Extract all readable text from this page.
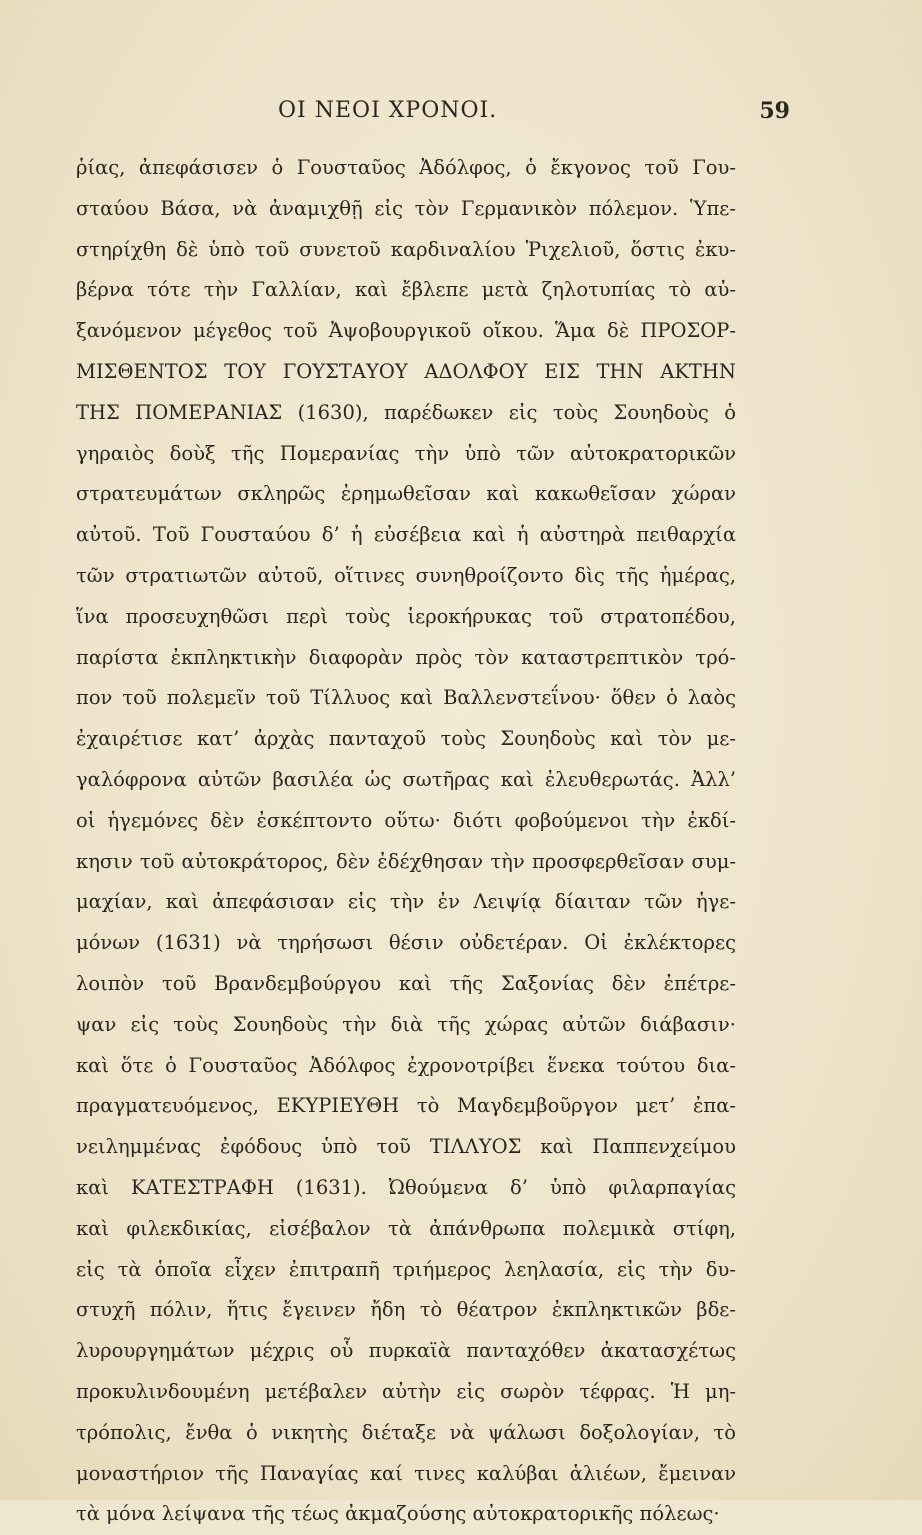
ΟΙ ΝΕΟΙ ΧΡΟΝΟΙ.	59
ῥίας, ἀπεφάσισεν ὁ Γουσταῦος Ἀδόλφος, ὁ ἔκγονος τοῦ Γου-
σταύου Βάσα, νὰ ἀναμιχθῇ εἰς τὸν Γερμανικὸν πόλεμον. Ὑπε-
στηρίχθη δὲ ὑπὸ τοῦ συνετοῦ καρδιναλίου Ῥιχελιοῦ, ὅστις ἐκυ-
βέρνα τότε τὴν Γαλλίαν, καὶ ἔβλεπε μετὰ ζηλοτυπίας τὸ αὐ-
ξανόμενον μέγεθος τοῦ Ἀψοβουργικοῦ οἴκου. Ἅμα δὲ ΠΡΟΣΟΡ-
ΜΙΣΘΕΝΤΟΣ ΤΟΥ ΓΟΥΣΤΑΥΟΥ ΑΔΟΛΦΟΥ ΕΙΣ ΤΗΝ ΑΚΤΗΝ
ΤΗΣ ΠΟΜΕΡΑΝΙΑΣ (1630), παρέδωκεν εἰς τοὺς Σουηδοὺς ὁ
γηραιὸς δοὺξ τῆς Πομερανίας τὴν ὑπὸ τῶν αὐτοκρατορικῶν
στρατευμάτων σκληρῶς ἐρημωθεῖσαν καὶ κακωθεῖσαν χώραν
αὐτοῦ. Τοῦ Γουσταύου δ’ ἡ εὐσέβεια καὶ ἡ αὐστηρὰ πειθαρχία
τῶν στρατιωτῶν αὐτοῦ, οἵτινες συνηθροίζοντο δὶς τῆς ἡμέρας,
ἵνα προσευχηθῶσι περὶ τοὺς ἱεροκήρυκας τοῦ στρατοπέδου,
παρίστα ἐκπληκτικὴν διαφορὰν πρὸς τὸν καταστρεπτικὸν τρό-
πον τοῦ πολεμεῖν τοῦ Τίλλυος καὶ Βαλλενστεΐνου· ὅθεν ὁ λαὸς
ἐχαιρέτισε κατ’ ἀρχὰς πανταχοῦ τοὺς Σουηδοὺς καὶ τὸν με-
γαλόφρονα αὐτῶν βασιλέα ὡς σωτῆρας καὶ ἐλευθερωτάς. Ἀλλ’
οἱ ἡγεμόνες δὲν ἐσκέπτοντο οὕτω· διότι φοβούμενοι τὴν ἐκδί-
κησιν τοῦ αὐτοκράτορος, δὲν ἐδέχθησαν τὴν προσφερθεῖσαν συμ-
μαχίαν, καὶ ἀπεφάσισαν εἰς τὴν ἐν Λειψίᾳ δίαιταν τῶν ἡγε-
μόνων (1631) νὰ τηρήσωσι θέσιν οὐδετέραν. Οἱ ἐκλέκτορες
λοιπὸν τοῦ Βρανδεμβούργου καὶ τῆς Σαξονίας δὲν ἐπέτρε-
ψαν εἰς τοὺς Σουηδοὺς τὴν διὰ τῆς χώρας αὐτῶν διάβασιν·
καὶ ὅτε ὁ Γουσταῦος Ἀδόλφος ἐχρονοτρίβει ἕνεκα τούτου δια-
πραγματευόμενος, ΕΚΥΡΙΕΥΘΗ τὸ Μαγδεμβοῦργον μετ’ ἐπα-
νειλημμένας ἐφόδους ὑπὸ τοῦ ΤΙΛΛΥΟΣ καὶ Παππενχείμου
καὶ ΚΑΤΕΣΤΡΑΦΗ (1631). Ὠθούμενα δ’ ὑπὸ φιλαρπαγίας
καὶ φιλεκδικίας, εἰσέβαλον τὰ ἀπάνθρωπα πολεμικὰ στίφη,
εἰς τὰ ὁποῖα εἶχεν ἐπιτραπῆ τριήμερος λεηλασία, εἰς τὴν δυ-
στυχῆ πόλιν, ἥτις ἔγεινεν ἤδη τὸ θέατρον ἐκπληκτικῶν βδε-
λυρουργημάτων μέχρις οὗ πυρκαϊὰ πανταχόθεν ἀκατασχέτως
προκυλινδουμένη μετέβαλεν αὐτὴν εἰς σωρὸν τέφρας. Ἡ μη-
τρόπολις, ἔνθα ὁ νικητὴς διέταξε νὰ ψάλωσι δοξολογίαν, τὸ
μοναστήριον τῆς Παναγίας καί τινες καλύβαι ἁλιέων, ἔμειναν
τὰ μόνα λείψανα τῆς τέως ἀκμαζούσης αὐτοκρατορικῆς πόλεως·
